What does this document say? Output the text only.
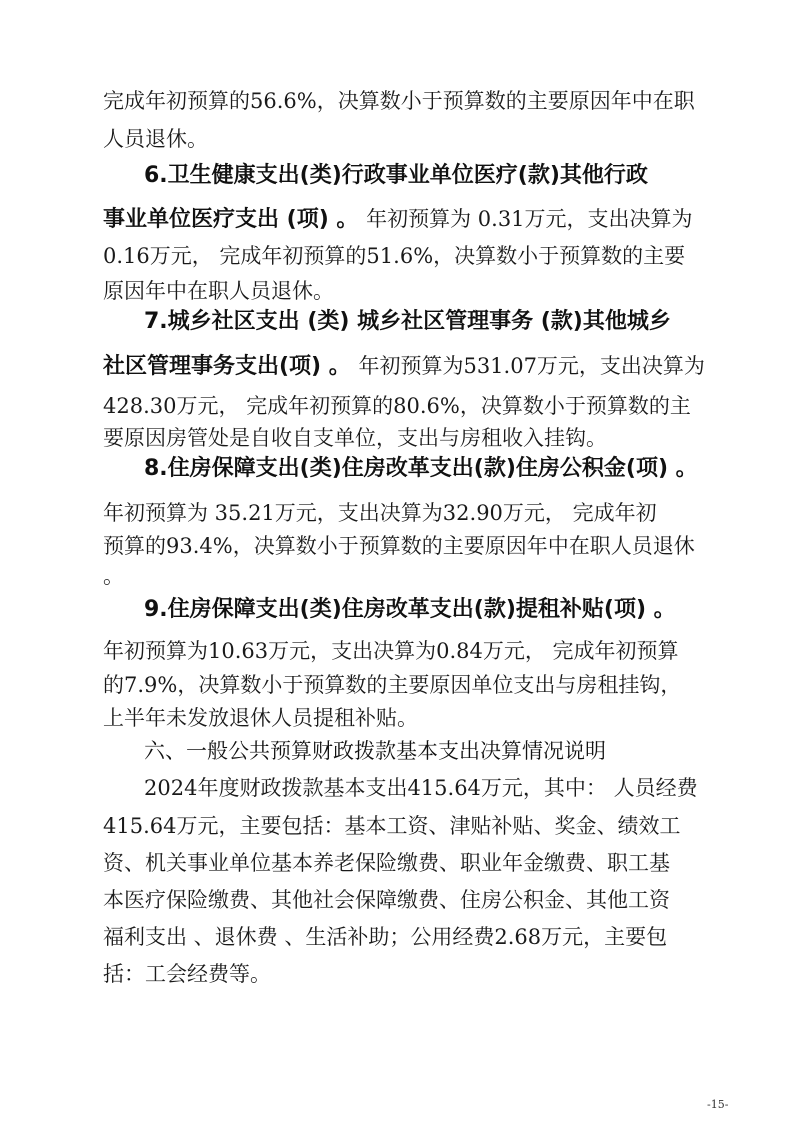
完成年初预算的56.6%，决算数小于预算数的主要原因年中在职
人员退休。
6.卫生健康支出(类)行政事业单位医疗(款)其他行政
事业单位医疗支出 (项) 。 年初预算为 0.31万元，支出决算为
0.16万元， 完成年初预算的51.6%，决算数小于预算数的主要
原因年中在职人员退休。
7.城乡社区支出 (类) 城乡社区管理事务 (款)其他城乡
社区管理事务支出(项) 。 年初预算为531.07万元，支出决算为
428.30万元， 完成年初预算的80.6%，决算数小于预算数的主
要原因房管处是自收自支单位，支出与房租收入挂钩。
8.住房保障支出(类)住房改革支出(款)住房公积金(项) 。
年初预算为 35.21万元，支出决算为32.90万元， 完成年初
预算的93.4%，决算数小于预算数的主要原因年中在职人员退休
。
9.住房保障支出(类)住房改革支出(款)提租补贴(项) 。
年初预算为10.63万元，支出决算为0.84万元， 完成年初预算
的7.9%，决算数小于预算数的主要原因单位支出与房租挂钩，
上半年未发放退休人员提租补贴。
六、一般公共预算财政拨款基本支出决算情况说明
2024年度财政拨款基本支出415.64万元，其中： 人员经费
415.64万元，主要包括：基本工资、津贴补贴、奖金、绩效工
资、机关事业单位基本养老保险缴费、职业年金缴费、职工基
本医疗保险缴费、其他社会保障缴费、住房公积金、其他工资
福利支出 、退休费 、生活补助；公用经费2.68万元，主要包
括：工会经费等。
-15-
